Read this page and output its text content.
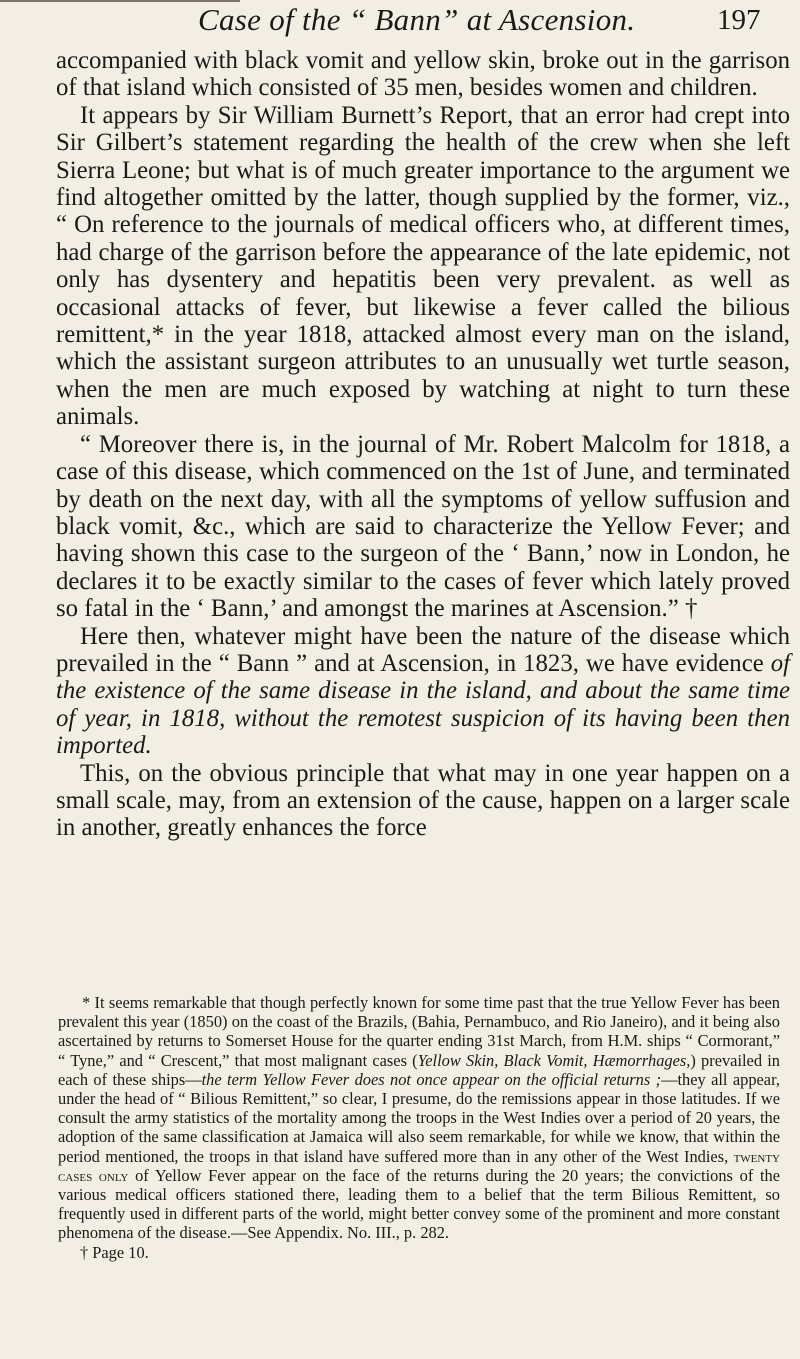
Case of the “ Bann” at Ascension.	197

accompanied with black vomit and yellow skin, broke out in the garrison of that island which consisted of 35 men, besides women and children.

It appears by Sir William Burnett’s Report, that an error had crept into Sir Gilbert’s statement regarding the health of the crew when she left Sierra Leone; but what is of much greater importance to the argument we find altogether omitted by the latter, though supplied by the former, viz., “ On reference to the journals of medical officers who, at different times, had charge of the garrison before the appearance of the late epidemic, not only has dysentery and hepatitis been very prevalent. as well as occasional attacks of fever, but likewise a fever called the bilious remittent,* in the year 1818, attacked almost every man on the island, which the assistant surgeon attributes to an unusually wet turtle season, when the men are much exposed by watching at night to turn these animals.

“ Moreover there is, in the journal of Mr. Robert Malcolm for 1818, a case of this disease, which commenced on the 1st of June, and terminated by death on the next day, with all the symptoms of yellow suffusion and black vomit, &c., which are said to characterize the Yellow Fever; and having shown this case to the surgeon of the ‘ Bann,’ now in London, he declares it to be exactly similar to the cases of fever which lately proved so fatal in the ‘ Bann,’ and amongst the marines at Ascension.” †

Here then, whatever might have been the nature of the disease which prevailed in the “ Bann ” and at Ascension, in 1823, we have evidence of the existence of the same disease in the island, and about the same time of year, in 1818, without the remotest suspicion of its having been then imported.

This, on the obvious principle that what may in one year happen on a small scale, may, from an extension of the cause, happen on a larger scale in another, greatly enhances the force

* It seems remarkable that though perfectly known for some time past that the true Yellow Fever has been prevalent this year (1850) on the coast of the Brazils, (Bahia, Pernambuco, and Rio Janeiro), and it being also ascertained by returns to Somerset House for the quarter ending 31st March, from H.M. ships “ Cormorant,” “ Tyne,” and “ Crescent,” that most malignant cases (Yellow Skin, Black Vomit, Hæmorrhages,) prevailed in each of these ships—the term Yellow Fever does not once appear on the official returns ;—they all appear, under the head of “ Bilious Remittent,” so clear, I presume, do the remissions appear in those latitudes. If we consult the army statistics of the mortality among the troops in the West Indies over a period of 20 years, the adoption of the same classification at Jamaica will also seem remarkable, for while we know, that within the period mentioned, the troops in that island have suffered more than in any other of the West Indies, twenty cases only of Yellow Fever appear on the face of the returns during the 20 years; the convictions of the various medical officers stationed there, leading them to a belief that the term Bilious Remittent, so frequently used in different parts of the world, might better convey some of the prominent and more constant phenomena of the disease.—See Appendix. No. III., p. 282.

† Page 10.
